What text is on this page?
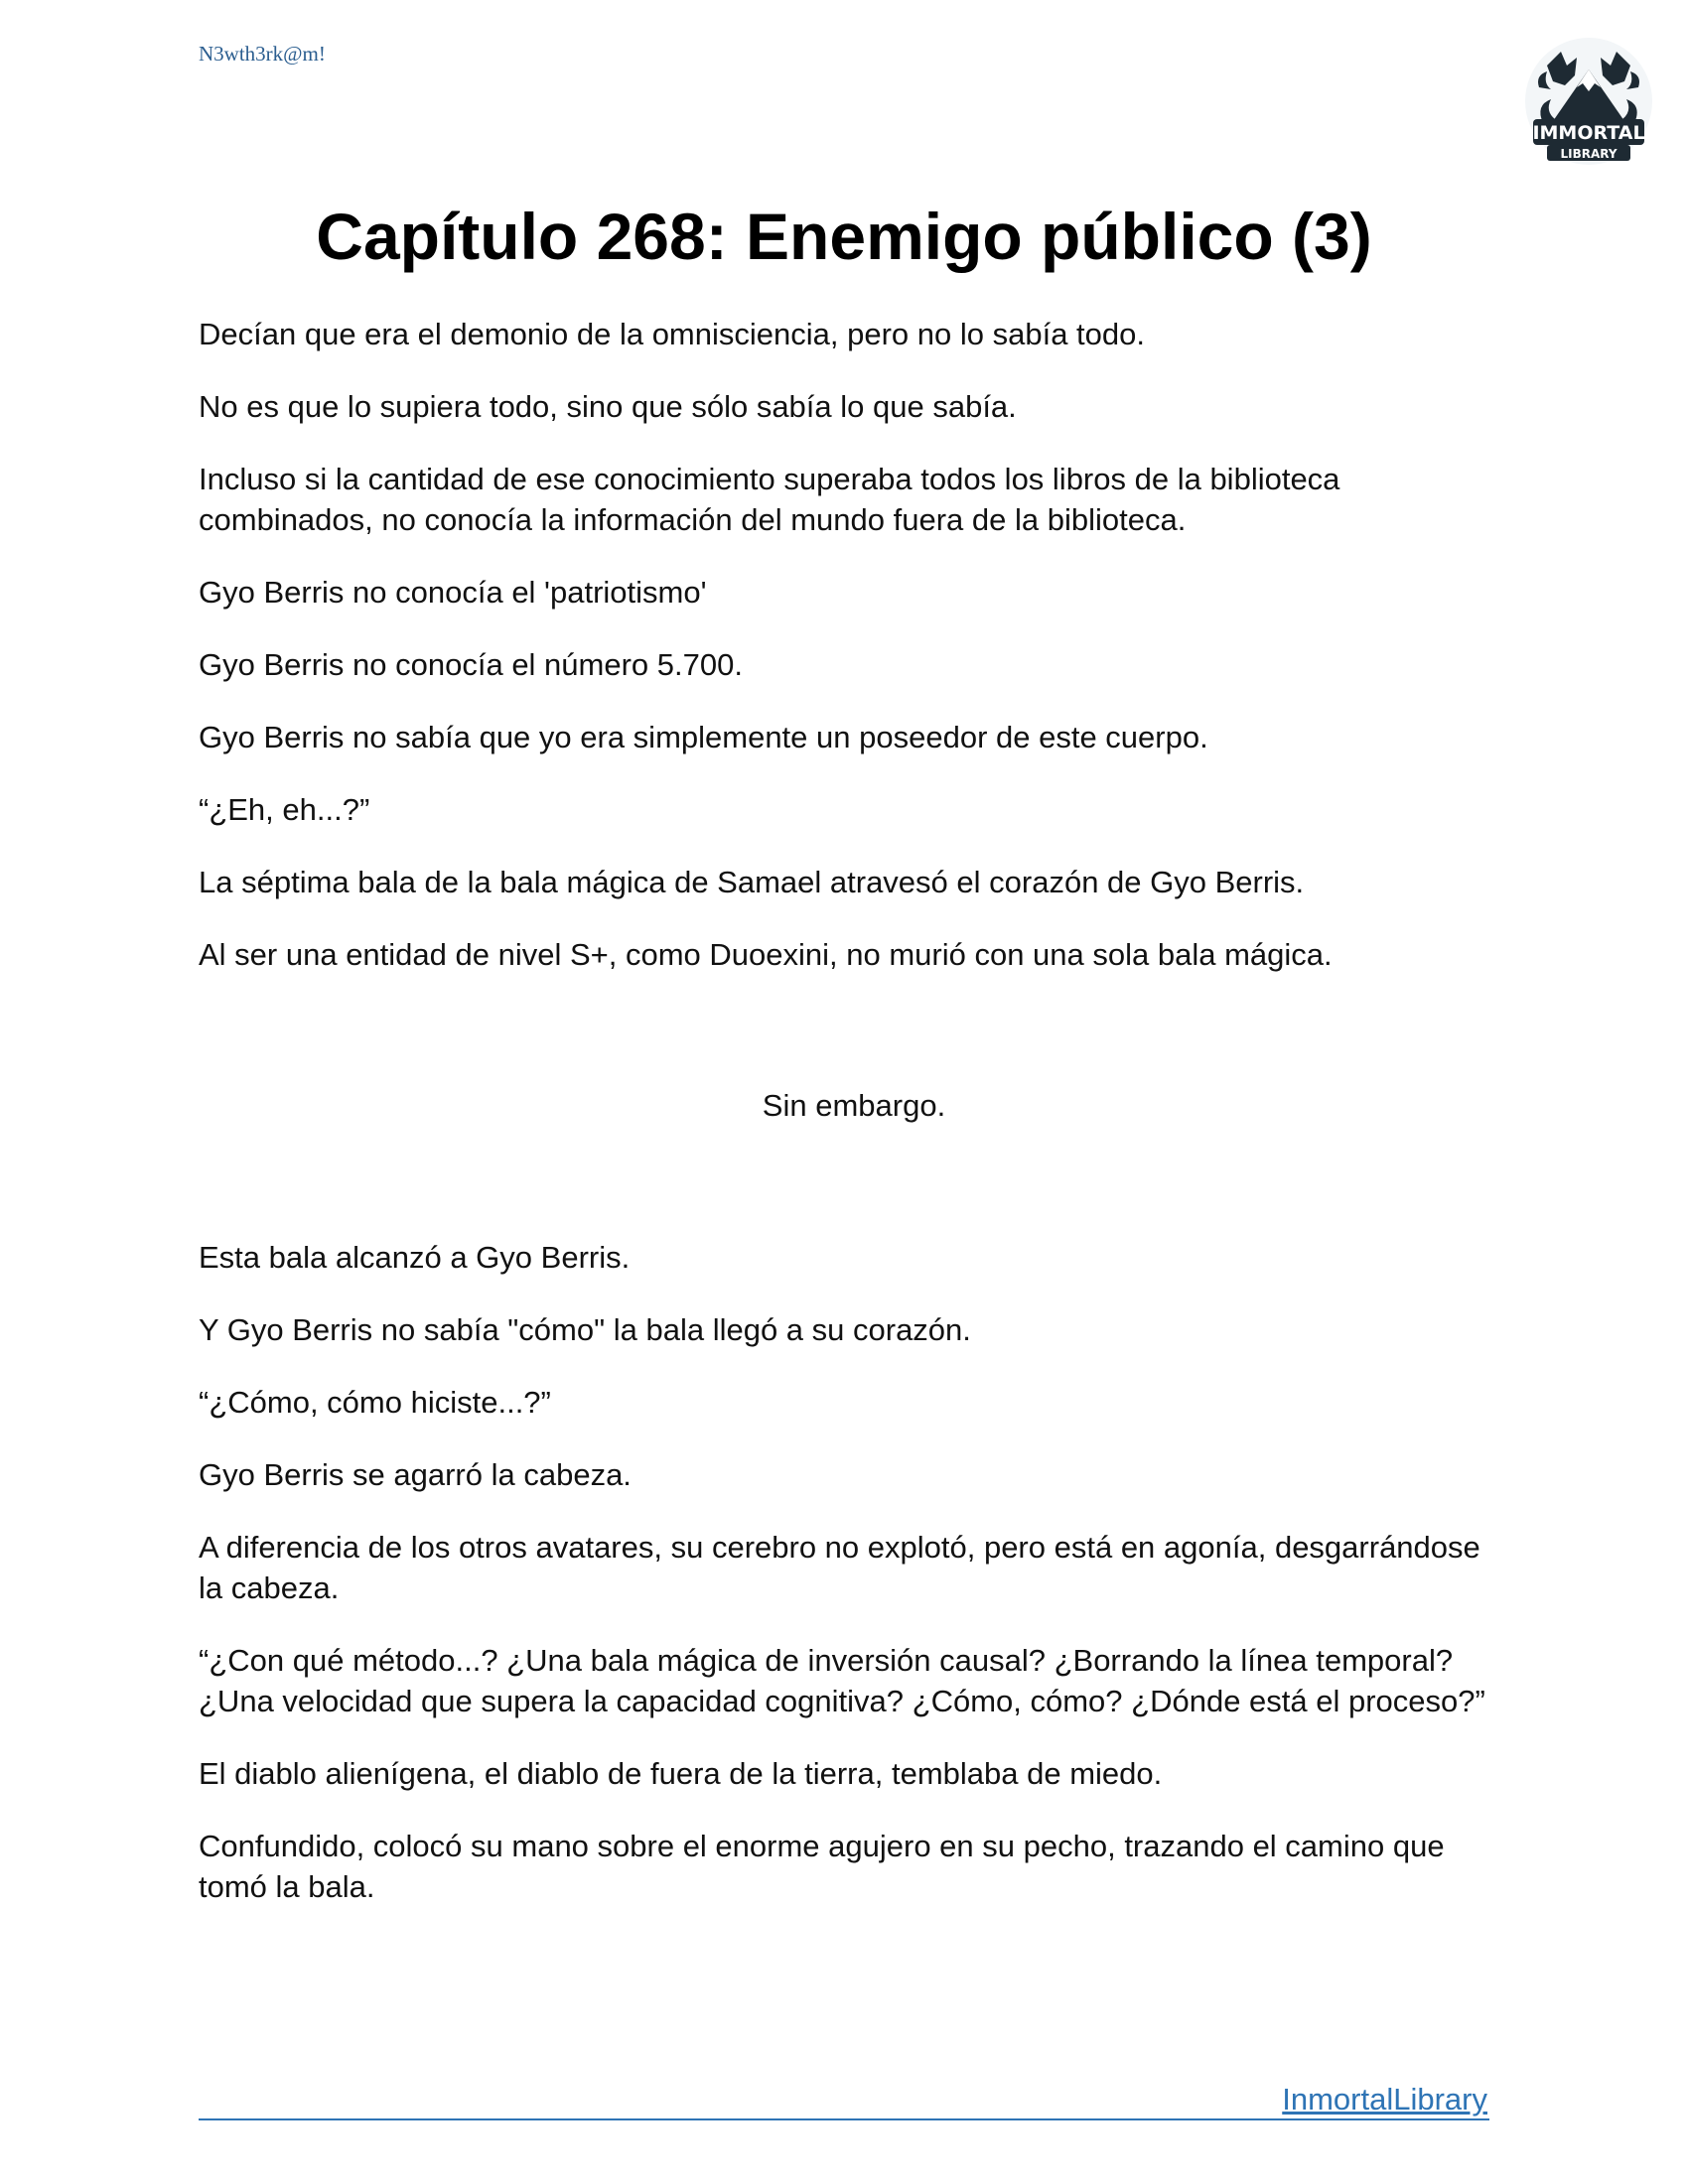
N3wth3rk@m!
IMMORTAL
LIBRARY
Capítulo 268: Enemigo público (3)

Decían que era el demonio de la omnisciencia, pero no lo sabía todo.

No es que lo supiera todo, sino que sólo sabía lo que sabía.

Incluso si la cantidad de ese conocimiento superaba todos los libros de la biblioteca combinados, no conocía la información del mundo fuera de la biblioteca.

Gyo Berris no conocía el 'patriotismo'

Gyo Berris no conocía el número 5.700.

Gyo Berris no sabía que yo era simplemente un poseedor de este cuerpo.

“¿Eh, eh...?”

La séptima bala de la bala mágica de Samael atravesó el corazón de Gyo Berris.

Al ser una entidad de nivel S+, como Duoexini, no murió con una sola bala mágica.

Sin embargo.

Esta bala alcanzó a Gyo Berris.

Y Gyo Berris no sabía "cómo" la bala llegó a su corazón.

“¿Cómo, cómo hiciste...?”

Gyo Berris se agarró la cabeza.

A diferencia de los otros avatares, su cerebro no explotó, pero está en agonía, desgarrándose la cabeza.

“¿Con qué método...? ¿Una bala mágica de inversión causal? ¿Borrando la línea temporal? ¿Una velocidad que supera la capacidad cognitiva? ¿Cómo, cómo? ¿Dónde está el proceso?”

El diablo alienígena, el diablo de fuera de la tierra, temblaba de miedo.

Confundido, colocó su mano sobre el enorme agujero en su pecho, trazando el camino que tomó la bala.

InmortalLibrary
